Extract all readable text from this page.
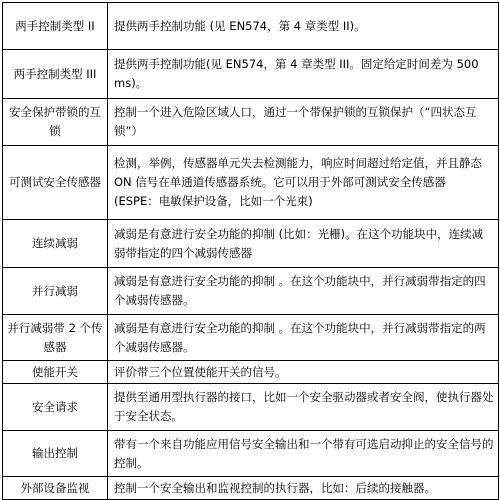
两手控制类型 II	提供两手控制功能 (见 EN574，第 4 章类型 II)。
两手控制类型 III	提供两手控制功能(见 EN574，第 4 章类型 III。固定给定时间差为 500 ms)。
安全保护带锁的互锁	控制一个进入危险区域人口，通过一个带保护锁的互锁保护（“四状态互锁”）
可测试安全传感器	检测，举例，传感器单元失去检测能力，响应时间超过给定值，并且静态 ON 信号在单通道传感器系统。它可以用于外部可测试安全传感器 (ESPE：电敏保护设备，比如一个光束)
连续减弱	减弱是有意进行安全功能的抑制 (比如：光栅)。在这个功能块中，连续减弱带指定的四个减弱传感器
并行减弱	减弱是有意进行安全功能的抑制 。在这个功能块中，并行减弱带指定的四个减弱传感器。
并行减弱带 2 个传感器	减弱是有意进行安全功能的抑制 。在这个功能块中，并行减弱带指定的两个减弱传感器。
使能开关	评价带三个位置使能开关的信号。
安全请求	提供至通用型执行器的接口，比如一个安全驱动器或者安全阀，使执行器处于安全状态。
输出控制	带有一个来自功能应用信号安全输出和一个带有可选启动抑止的安全信号的控制。
外部设备监视	控制一个安全输出和监视控制的执行器，比如：后续的接触器。
